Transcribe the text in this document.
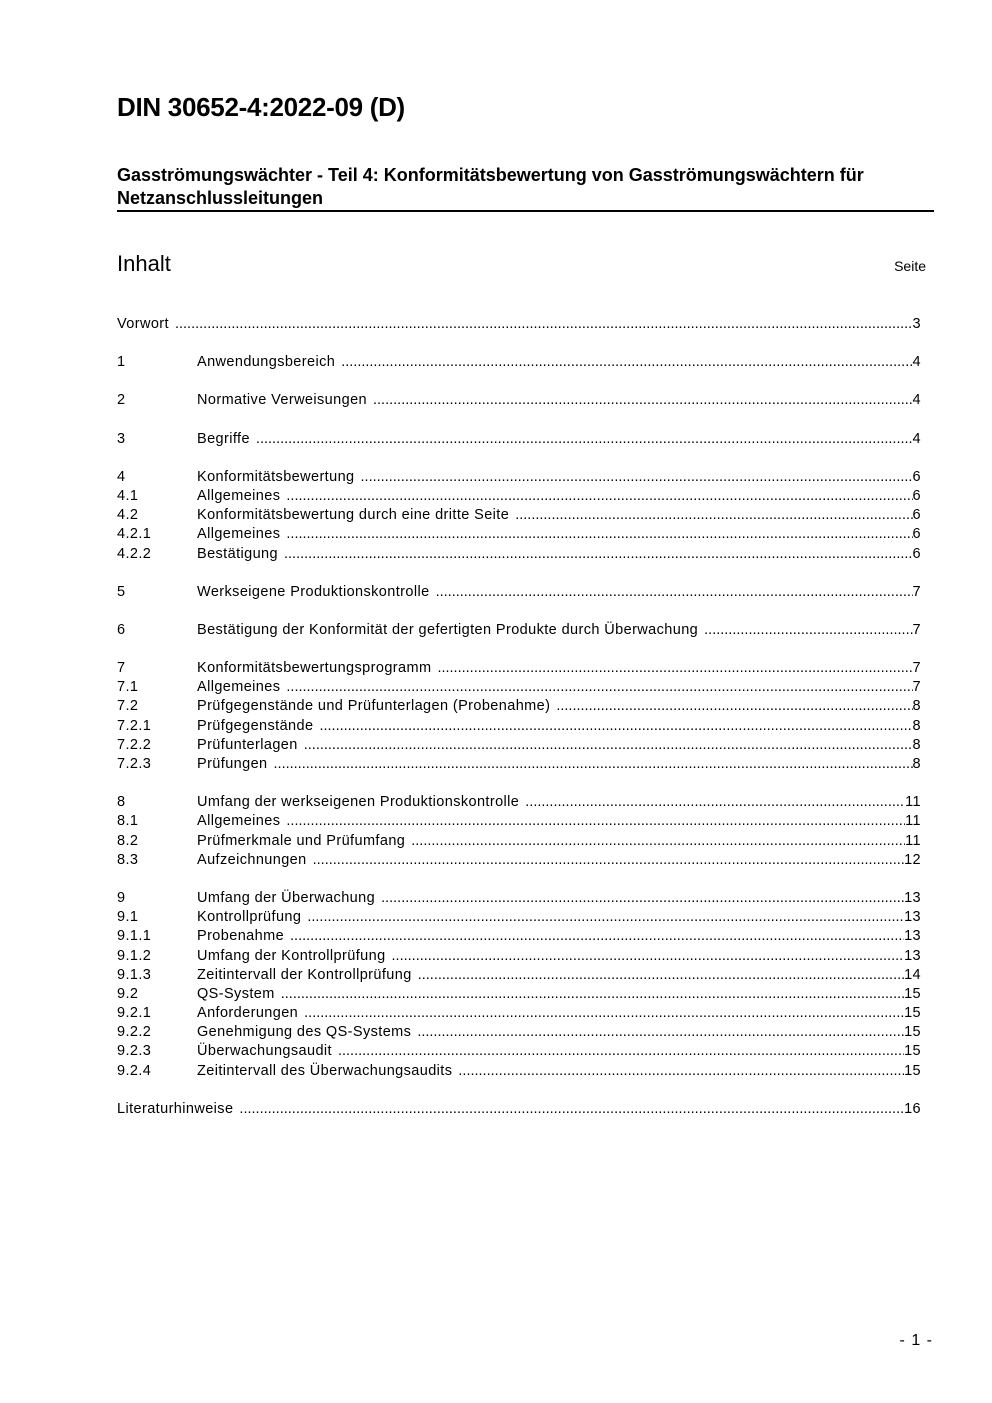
DIN 30652-4:2022-09 (D)
Gasströmungswächter - Teil 4: Konformitätsbewertung von Gasströmungswächtern für Netzanschlussleitungen
Inhalt	Seite
Vorwort .....	3
1	Anwendungsbereich .....	4
2	Normative Verweisungen .....	4
3	Begriffe .....	4
4	Konformitätsbewertung .....	6
4.1	Allgemeines .....	6
4.2	Konformitätsbewertung durch eine dritte Seite .....	6
4.2.1	Allgemeines .....	6
4.2.2	Bestätigung .....	6
5	Werkseigene Produktionskontrolle .....	7
6	Bestätigung der Konformität der gefertigten Produkte durch Überwachung .....	7
7	Konformitätsbewertungsprogramm .....	7
7.1	Allgemeines .....	7
7.2	Prüfgegenstände und Prüfunterlagen (Probenahme) .....	8
7.2.1	Prüfgegenstände .....	8
7.2.2	Prüfunterlagen .....	8
7.2.3	Prüfungen .....	8
8	Umfang der werkseigenen Produktionskontrolle .....	11
8.1	Allgemeines .....	11
8.2	Prüfmerkmale und Prüfumfang .....	11
8.3	Aufzeichnungen .....	12
9	Umfang der Überwachung .....	13
9.1	Kontrollprüfung .....	13
9.1.1	Probenahme .....	13
9.1.2	Umfang der Kontrollprüfung .....	13
9.1.3	Zeitintervall der Kontrollprüfung .....	14
9.2	QS-System .....	15
9.2.1	Anforderungen .....	15
9.2.2	Genehmigung des QS-Systems .....	15
9.2.3	Überwachungsaudit .....	15
9.2.4	Zeitintervall des Überwachungsaudits .....	15
Literaturhinweise .....	16
- 1 -
